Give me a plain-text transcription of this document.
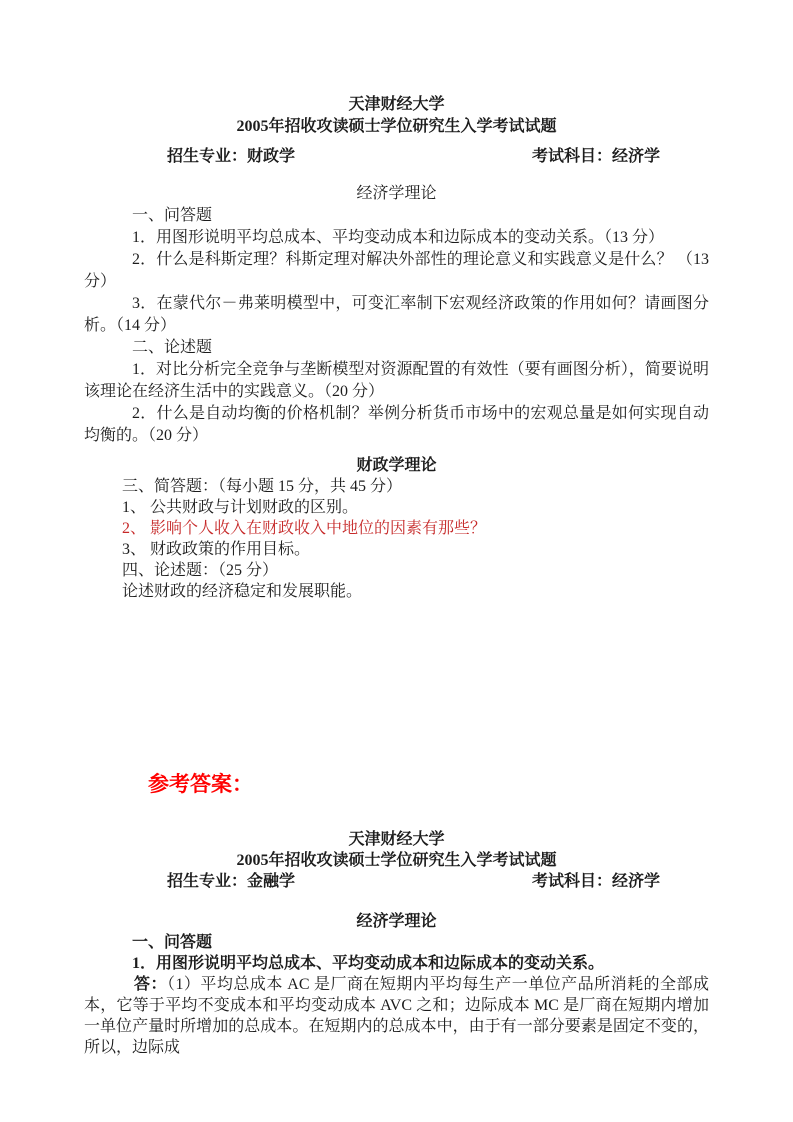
天津财经大学
2005年招收攻读硕士学位研究生入学考试试题
招生专业：财政学	考试科目：经济学
经济学理论

一、问答题

1．用图形说明平均总成本、平均变动成本和边际成本的变动关系。（13 分）

2．什么是科斯定理？科斯定理对解决外部性的理论意义和实践意义是什么？ （13 分）

3．在蒙代尔－弗莱明模型中，可变汇率制下宏观经济政策的作用如何？请画图分析。（14 分）

二、论述题

1．对比分析完全竞争与垄断模型对资源配置的有效性（要有画图分析），简要说明该理论在经济生活中的实践意义。（20 分）

2．什么是自动均衡的价格机制？举例分析货币市场中的宏观总量是如何实现自动均衡的。（20 分）

财政学理论

三、简答题：（每小题 15 分，共 45 分）

1、 公共财政与计划财政的区别。

2、 影响个人收入在财政收入中地位的因素有那些？

3、 财政政策的作用目标。

四、论述题：（25 分）

论述财政的经济稳定和发展职能。

参考答案：
天津财经大学
2005年招收攻读硕士学位研究生入学考试试题
招生专业：金融学	考试科目：经济学
经济学理论

一、问答题

1．用图形说明平均总成本、平均变动成本和边际成本的变动关系。

答：（1）平均总成本 AC 是厂商在短期内平均每生产一单位产品所消耗的全部成本，它等于平均不变成本和平均变动成本 AVC 之和；边际成本 MC 是厂商在短期内增加一单位产量时所增加的总成本。在短期内的总成本中，由于有一部分要素是固定不变的，所以，边际成
